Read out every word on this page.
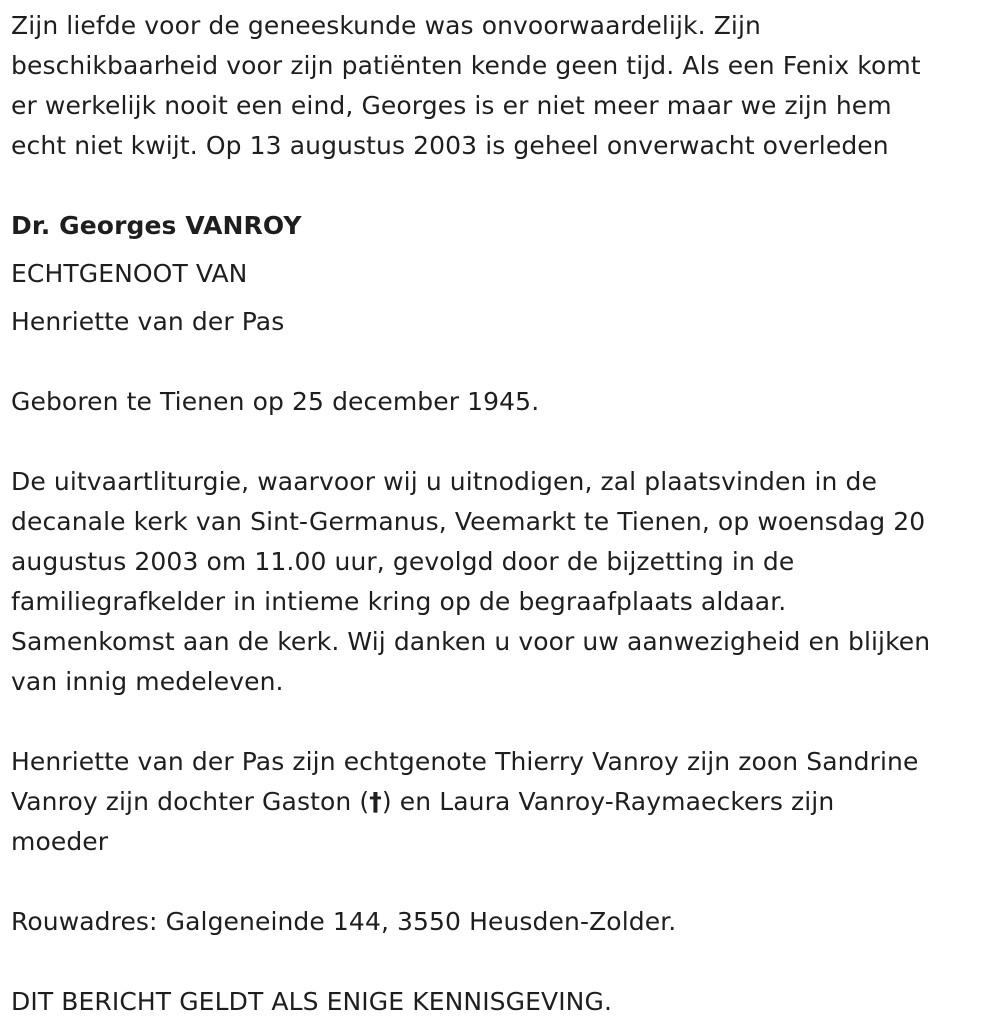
Zijn liefde voor de geneeskunde was onvoorwaardelijk. Zijn
beschikbaarheid voor zijn patiënten kende geen tijd. Als een Fenix komt
er werkelijk nooit een eind, Georges is er niet meer maar we zijn hem
echt niet kwijt. Op 13 augustus 2003 is geheel onverwacht overleden
Dr. Georges VANROY
ECHTGENOOT VAN
Henriette van der Pas
Geboren te Tienen op 25 december 1945.
De uitvaartliturgie, waarvoor wij u uitnodigen, zal plaatsvinden in de
decanale kerk van Sint-Germanus, Veemarkt te Tienen, op woensdag 20
augustus 2003 om 11.00 uur, gevolgd door de bijzetting in de
familiegrafkelder in intieme kring op de begraafplaats aldaar.
Samenkomst aan de kerk. Wij danken u voor uw aanwezigheid en blijken
van innig medeleven.
Henriette van der Pas zijn echtgenote Thierry Vanroy zijn zoon Sandrine
Vanroy zijn dochter Gaston (†) en Laura Vanroy-Raymaeckers zijn
moeder
Rouwadres: Galgeneinde 144, 3550 Heusden-Zolder.
DIT BERICHT GELDT ALS ENIGE KENNISGEVING.
